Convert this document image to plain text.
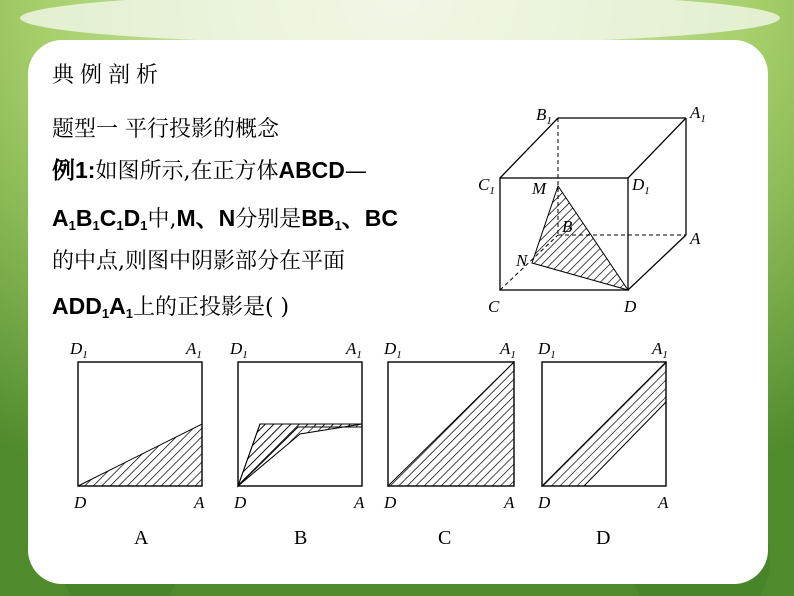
典例剖析
题型一 平行投影的概念
例1:如图所示,在正方体ABCD—
$A_1B_1C_1D_1$中,M、N分别是$BB_1$、BC
的中点,则图中阴影部分在平面
$ADD_1A_1$上的正投影是( )
$B_1$	$A_1$
$C_1$	$D_1$
M
B
A
N
C	D
$D_1$	$A_1$
D	A
A
$D_1$	$A_1$
D	A
B
$D_1$	$A_1$
D	A
C
$D_1$	$A_1$
D	A
D
